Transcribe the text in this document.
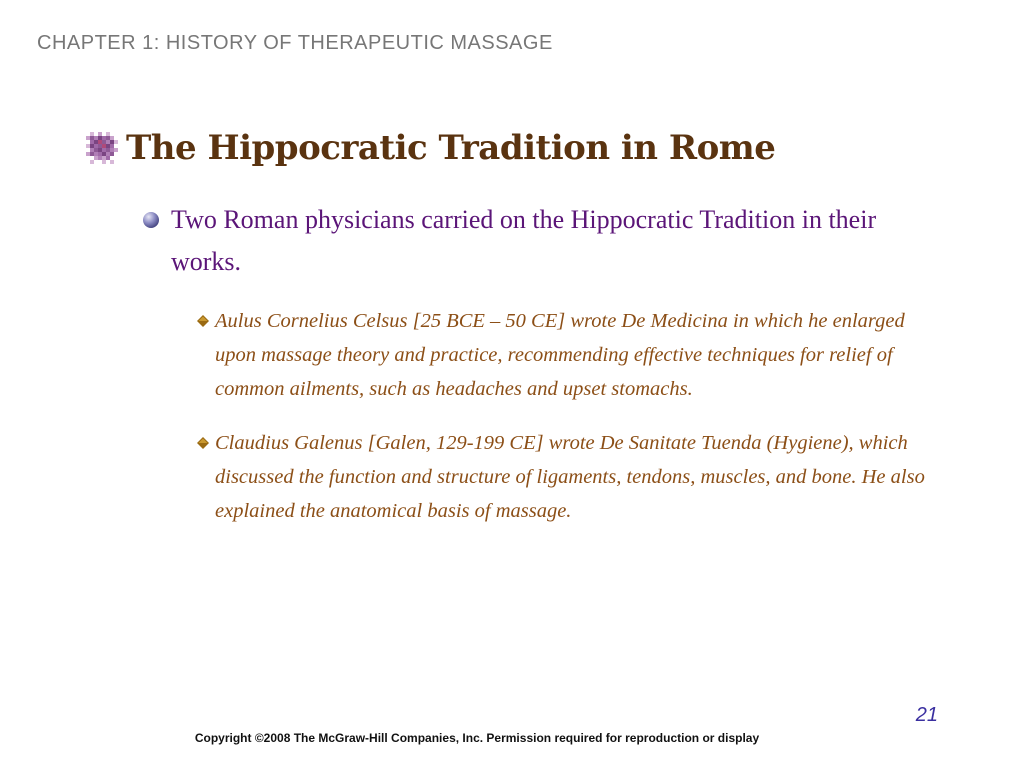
CHAPTER 1: HISTORY OF THERAPEUTIC MASSAGE
The Hippocratic Tradition in Rome
Two Roman physicians carried on the Hippocratic Tradition in their works.
Aulus Cornelius Celsus [25 BCE – 50 CE] wrote De Medicina in which he enlarged upon massage theory and practice, recommending effective techniques for relief of common ailments, such as headaches and upset stomachs.
Claudius Galenus [Galen, 129-199 CE] wrote De Sanitate Tuenda (Hygiene), which discussed the function and structure of ligaments, tendons, muscles, and bone. He also explained the anatomical basis of massage.
21
Copyright ©2008 The McGraw-Hill Companies, Inc. Permission required for reproduction or display
